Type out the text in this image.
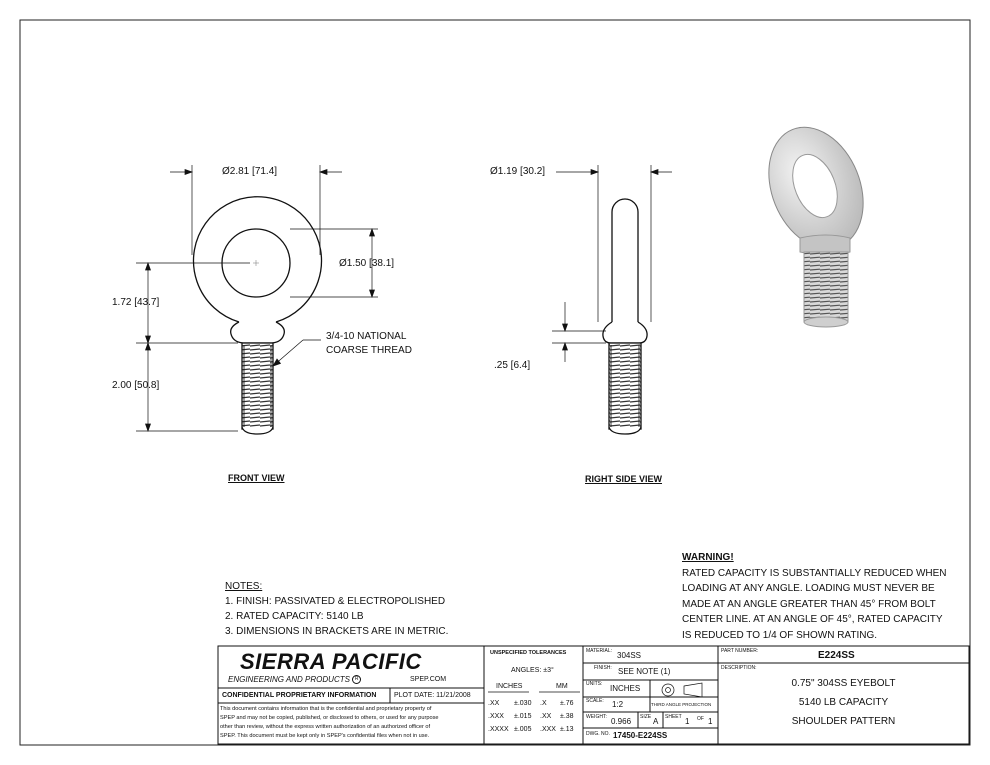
Ø2.81 [71.4]
Ø1.50 [38.1]
1.72 [43.7]
2.00 [50.8]
3/4-10 NATIONAL
COARSE THREAD
FRONT VIEW
Ø1.19 [30.2]
.25 [6.4]
RIGHT SIDE VIEW
WARNING!
RATED CAPACITY IS SUBSTANTIALLY REDUCED WHEN
LOADING AT ANY ANGLE. LOADING MUST NEVER BE
MADE AT AN ANGLE GREATER THAN 45° FROM BOLT
CENTER LINE. AT AN ANGLE OF 45°, RATED CAPACITY
IS REDUCED TO 1/4 OF SHOWN RATING.
NOTES:
1. FINISH: PASSIVATED & ELECTROPOLISHED
2. RATED CAPACITY: 5140 LB
3. DIMENSIONS IN BRACKETS ARE IN METRIC.
SIERRA PACIFIC
ENGINEERING AND PRODUCTS R	SPEP.COM
CONFIDENTIAL PROPRIETARY INFORMATION	PLOT DATE: 11/21/2008
This document contains information that is the confidential and proprietary property of
SPEP and may not be copied, published, or disclosed to others, or used for any purpose
other than review, without the express written authorization of an authorized officer of
SPEP. This document must be kept only in SPEP's confidential files when not in use.
UNSPECIFIED TOLERANCES
ANGLES: ±3°
INCHES	MM
.XX ±.030 .X ±.76
.XXX ±.015 .XX ±.38
.XXXX ±.005 .XXX ±.13
MATERIAL: 304SS
FINISH: SEE NOTE (1)
UNITS: INCHES
SCALE: 1:2	THIRD ANGLE PROJECTION
WEIGHT: 0.966 SIZE A SHEET 1 OF 1
DWG. NO. 17450-E224SS
PART NUMBER:	E224SS
DESCRIPTION:
0.75" 304SS EYEBOLT
5140 LB CAPACITY
SHOULDER PATTERN
